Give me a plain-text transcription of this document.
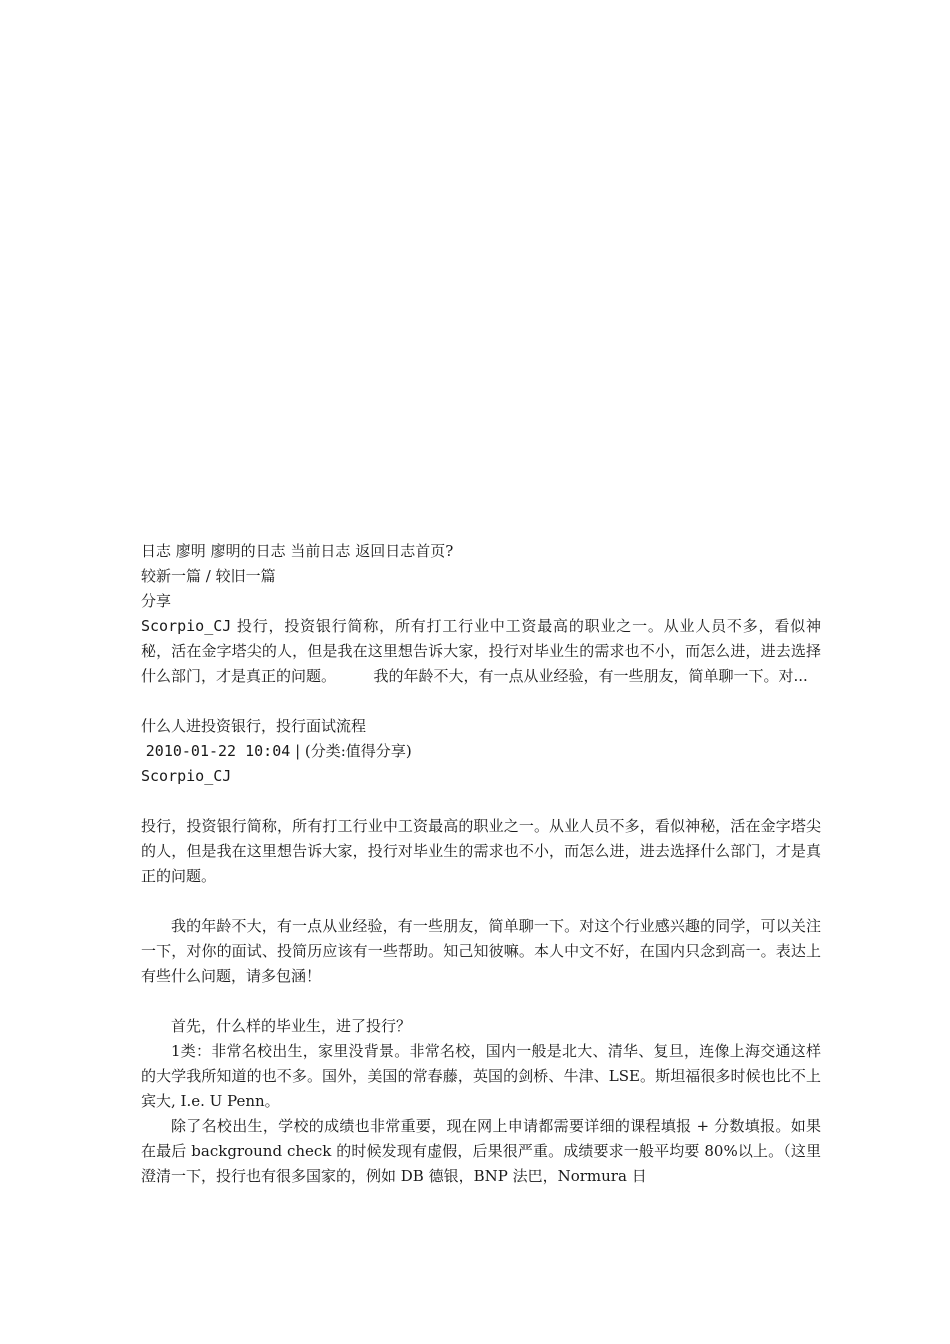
日志 廖明 廖明的日志 当前日志 返回日志首页?

较新一篇 / 较旧一篇

分享

Scorpio_CJ 投行，投资银行简称，所有打工行业中工资最高的职业之一。从业人员不多，看似神秘，活在金字塔尖的人，但是我在这里想告诉大家，投行对毕业生的需求也不小，而怎么进，进去选择什么部门，才是真正的问题。　　　我的年龄不大，有一点从业经验，有一些朋友，简单聊一下。对...

什么人进投资银行，投行面试流程

2010-01-22 10:04 | (分类:值得分享)

Scorpio_CJ

投行，投资银行简称，所有打工行业中工资最高的职业之一。从业人员不多，看似神秘，活在金字塔尖的人，但是我在这里想告诉大家，投行对毕业生的需求也不小，而怎么进，进去选择什么部门，才是真正的问题。

我的年龄不大，有一点从业经验，有一些朋友，简单聊一下。对这个行业感兴趣的同学，可以关注一下，对你的面试、投简历应该有一些帮助。知己知彼嘛。本人中文不好，在国内只念到高一。表达上有些什么问题，请多包涵！

首先，什么样的毕业生，进了投行？

1类：非常名校出生，家里没背景。非常名校，国内一般是北大、清华、复旦，连像上海交通这样的大学我所知道的也不多。国外，美国的常春藤，英国的剑桥、牛津、LSE。斯坦福很多时候也比不上宾大, I.e. U Penn。

除了名校出生，学校的成绩也非常重要，现在网上申请都需要详细的课程填报 + 分数填报。如果在最后 background check 的时候发现有虚假，后果很严重。成绩要求一般平均要 80%以上。（这里澄清一下，投行也有很多国家的，例如 DB 德银，BNP 法巴，Normura 日
